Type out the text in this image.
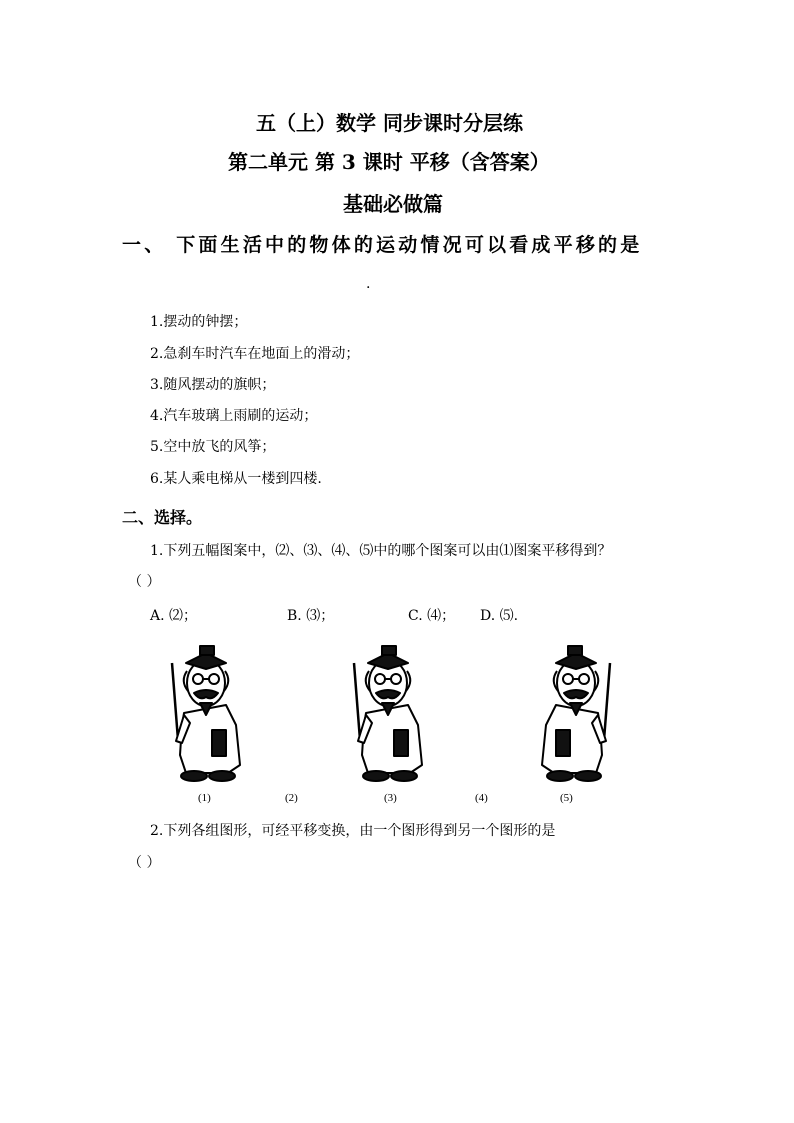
五（上）数学 同步课时分层练
第二单元 第 3 课时 平移（含答案）
基础必做篇
一、 下面生活中的物体的运动情况可以看成平移的是
.
1.摆动的钟摆；
2.急刹车时汽车在地面上的滑动；
3.随风摆动的旗帜；
4.汽车玻璃上雨刷的运动；
5.空中放飞的风筝；
6.某人乘电梯从一楼到四楼.
二、选择。
1.下列五幅图案中，⑵、⑶、⑷、⑸中的哪个图案可以由⑴图案平移得到？
（ ）
A. ⑵；	B. ⑶；	C. ⑷； D. ⑸.
(1)	(2)	(3)	(4)	(5)
2.下列各组图形，可经平移变换，由一个图形得到另一个图形的是
（ ）
